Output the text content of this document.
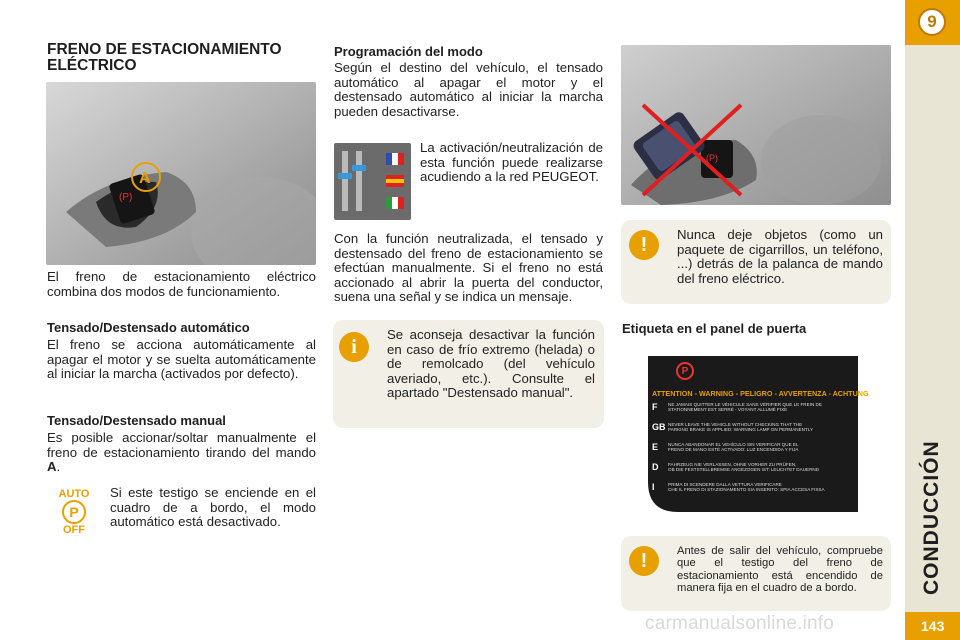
9
CONDUCCIÓN
143
carmanualsonline.info
FRENO DE ESTACIONAMIENTO
ELÉCTRICO
(P)
A
El freno de estacionamiento eléctrico combina dos modos de funcionamiento.
Tensado/Destensado automático
El freno se acciona automáticamente al apagar el motor y se suelta automáticamente al iniciar la marcha (activados por defecto).
Tensado/Destensado manual
Es posible accionar/soltar manualmente el freno de estacionamiento tirando del mando A.
AUTO
P
OFF
Si este testigo se enciende en el cuadro de a bordo, el modo automático está desactivado.
Programación del modo
Según el destino del vehículo, el tensado automático al apagar el motor y el destensado automático al iniciar la marcha pueden desactivarse.
La activación/neutralización de esta función puede realizarse acudiendo a la red PEUGEOT.
Con la función neutralizada, el tensado y destensado del freno de estacionamiento se efectúan manualmente. Si el freno no está accionado al abrir la puerta del conductor, suena una señal y se indica un mensaje.
i
Se aconseja desactivar la función en caso de frío extremo (helada) o de remolcado (del vehículo averiado, etc.). Consulte el apartado "Destensado manual".
(P)
!	Nunca deje objetos (como un paquete de cigarrillos, un teléfono, ...) detrás de la palanca de mando del freno eléctrico.
Etiqueta en el panel de puerta
P
ATTENTION - WARNING - PELIGRO - AVVERTENZA - ACHTUNG
F	NE JAMAIS QUITTER LE VÉHICULE SANS VÉRIFIER QUE LE FREIN DE
STATIONNEMENT EST SERRÉ - VOYANT ALLUMÉ FIXE
GB NEVER LEAVE THE VEHICLE WITHOUT CHECKING THAT THE
PARKING BRAKE IS APPLIED: WARNING LAMP ON PERMANENTLY
E	NUNCA ABANDONAR EL VEHÍCULO SIN VERIFICAR QUE EL
FRENO DE MANO ESTÉ ACTIVADO: LUZ ENCENDIDA Y FIJA
D	FAHRZEUG NIE VERLASSEN, OHNE VORHER ZU PRÜFEN,
OB DIE FESTSTELLBREMSE ANGEZOGEN IST: LEUCHTET DAUERND
I	PRIMA DI SCENDERE DALLA VETTURA VERIFICARE
CHE IL FRENO DI STAZIONAMENTO SIA INSERITO: SPIA ACCESA FISSA
!	Antes de salir del vehículo, compruebe que el testigo del freno de estacionamiento está encendido de manera fija en el cuadro de a bordo.
